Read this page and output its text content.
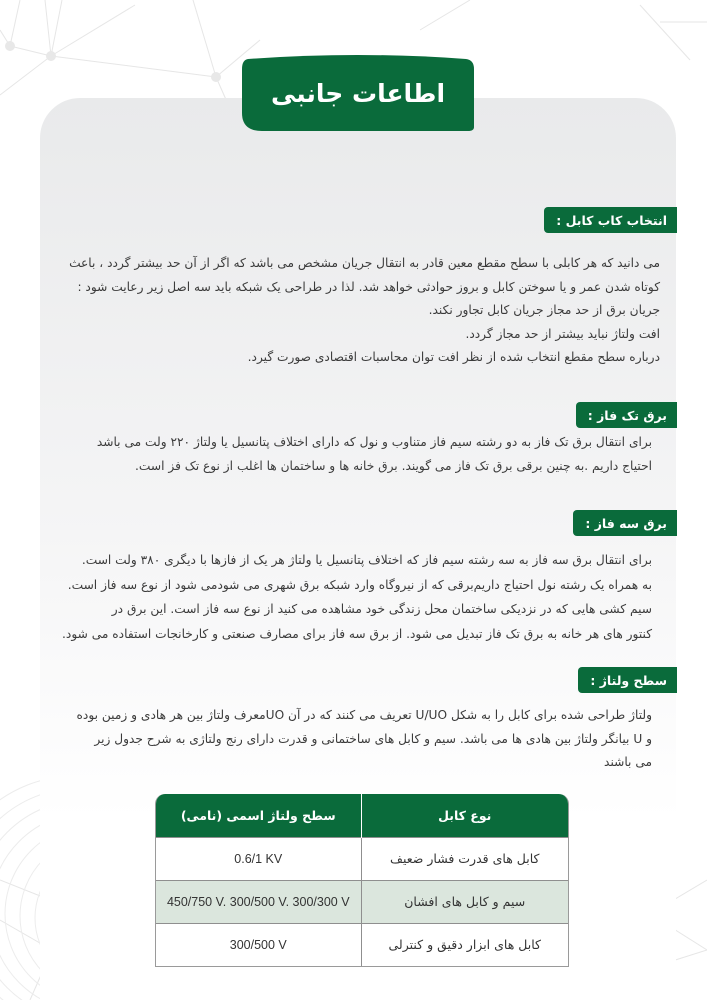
اطاعات جانبی
انتخاب کاب کابل :

می دانید که هر کابلی با سطح مقطع معین قادر به انتقال جریان مشخص می باشد که اگر از آن حد بیشتر گردد ، باعث

کوتاه شدن عمر و یا سوختن کابل و بروز حوادثی خواهد شد. لذا در طراحی یک شبکه باید سه اصل زیر رعایت شود :

جریان برق از حد مجاز جریان کابل تجاور نکند.

افت ولتاژ نباید بیشتر از حد مجاز گردد.

درباره سطح مقطع انتخاب شده از نظر افت توان محاسبات اقتصادی صورت گیرد.

برق تک فاز :

برای انتقال برق تک فاز به دو رشته سیم فاز متناوب و نول که دارای اختلاف پتانسیل یا ولتاژ ۲۲۰ ولت می باشد

احتیاج داریم .به چنین برقی برق تک فاز می گویند. برق خانه ها و ساختمان ها اغلب از نوع تک فز است.

برق سه فاز :

برای انتقال برق سه فاز به سه رشته سیم فاز که اختلاف پتانسیل یا ولتاژ هر یک از فازها با دیگری ۳۸۰ ولت است.

به همراه یک رشته نول احتیاج داریم‌برقی که از نیروگاه وارد شبکه برق شهری می شودمی شود از نوع سه فاز است.

سیم کشی هایی که در نزدیکی ساختمان محل زندگی خود مشاهده می کنید از نوع سه فاز است. این برق در

کنتور های هر خانه به برق تک فاز تبدیل می شود. از برق سه فاز برای مصارف صنعتی و کارخانجات استفاده می شود.

سطح ولتاژ :

ولتاژ طراحی شده برای کابل را به شکل U/UO تعریف می کنند که در آن UOمعرف ولتاژ بین هر هادی و زمین بوده

و U بیانگر ولتاژ بین هادی ها می باشد. سیم و کابل های ساختمانی و قدرت دارای رنج ولتاژی به شرح جدول زیر

می باشند

نوع کابل	سطح ولتاژ اسمی (نامی)
کابل های قدرت فشار ضعیف	0.6/1 KV
سیم و کابل های افشان	450/750 V. 300/500 V. 300/300 V
کابل های ابزار دقیق و کنترلی	300/500 V
